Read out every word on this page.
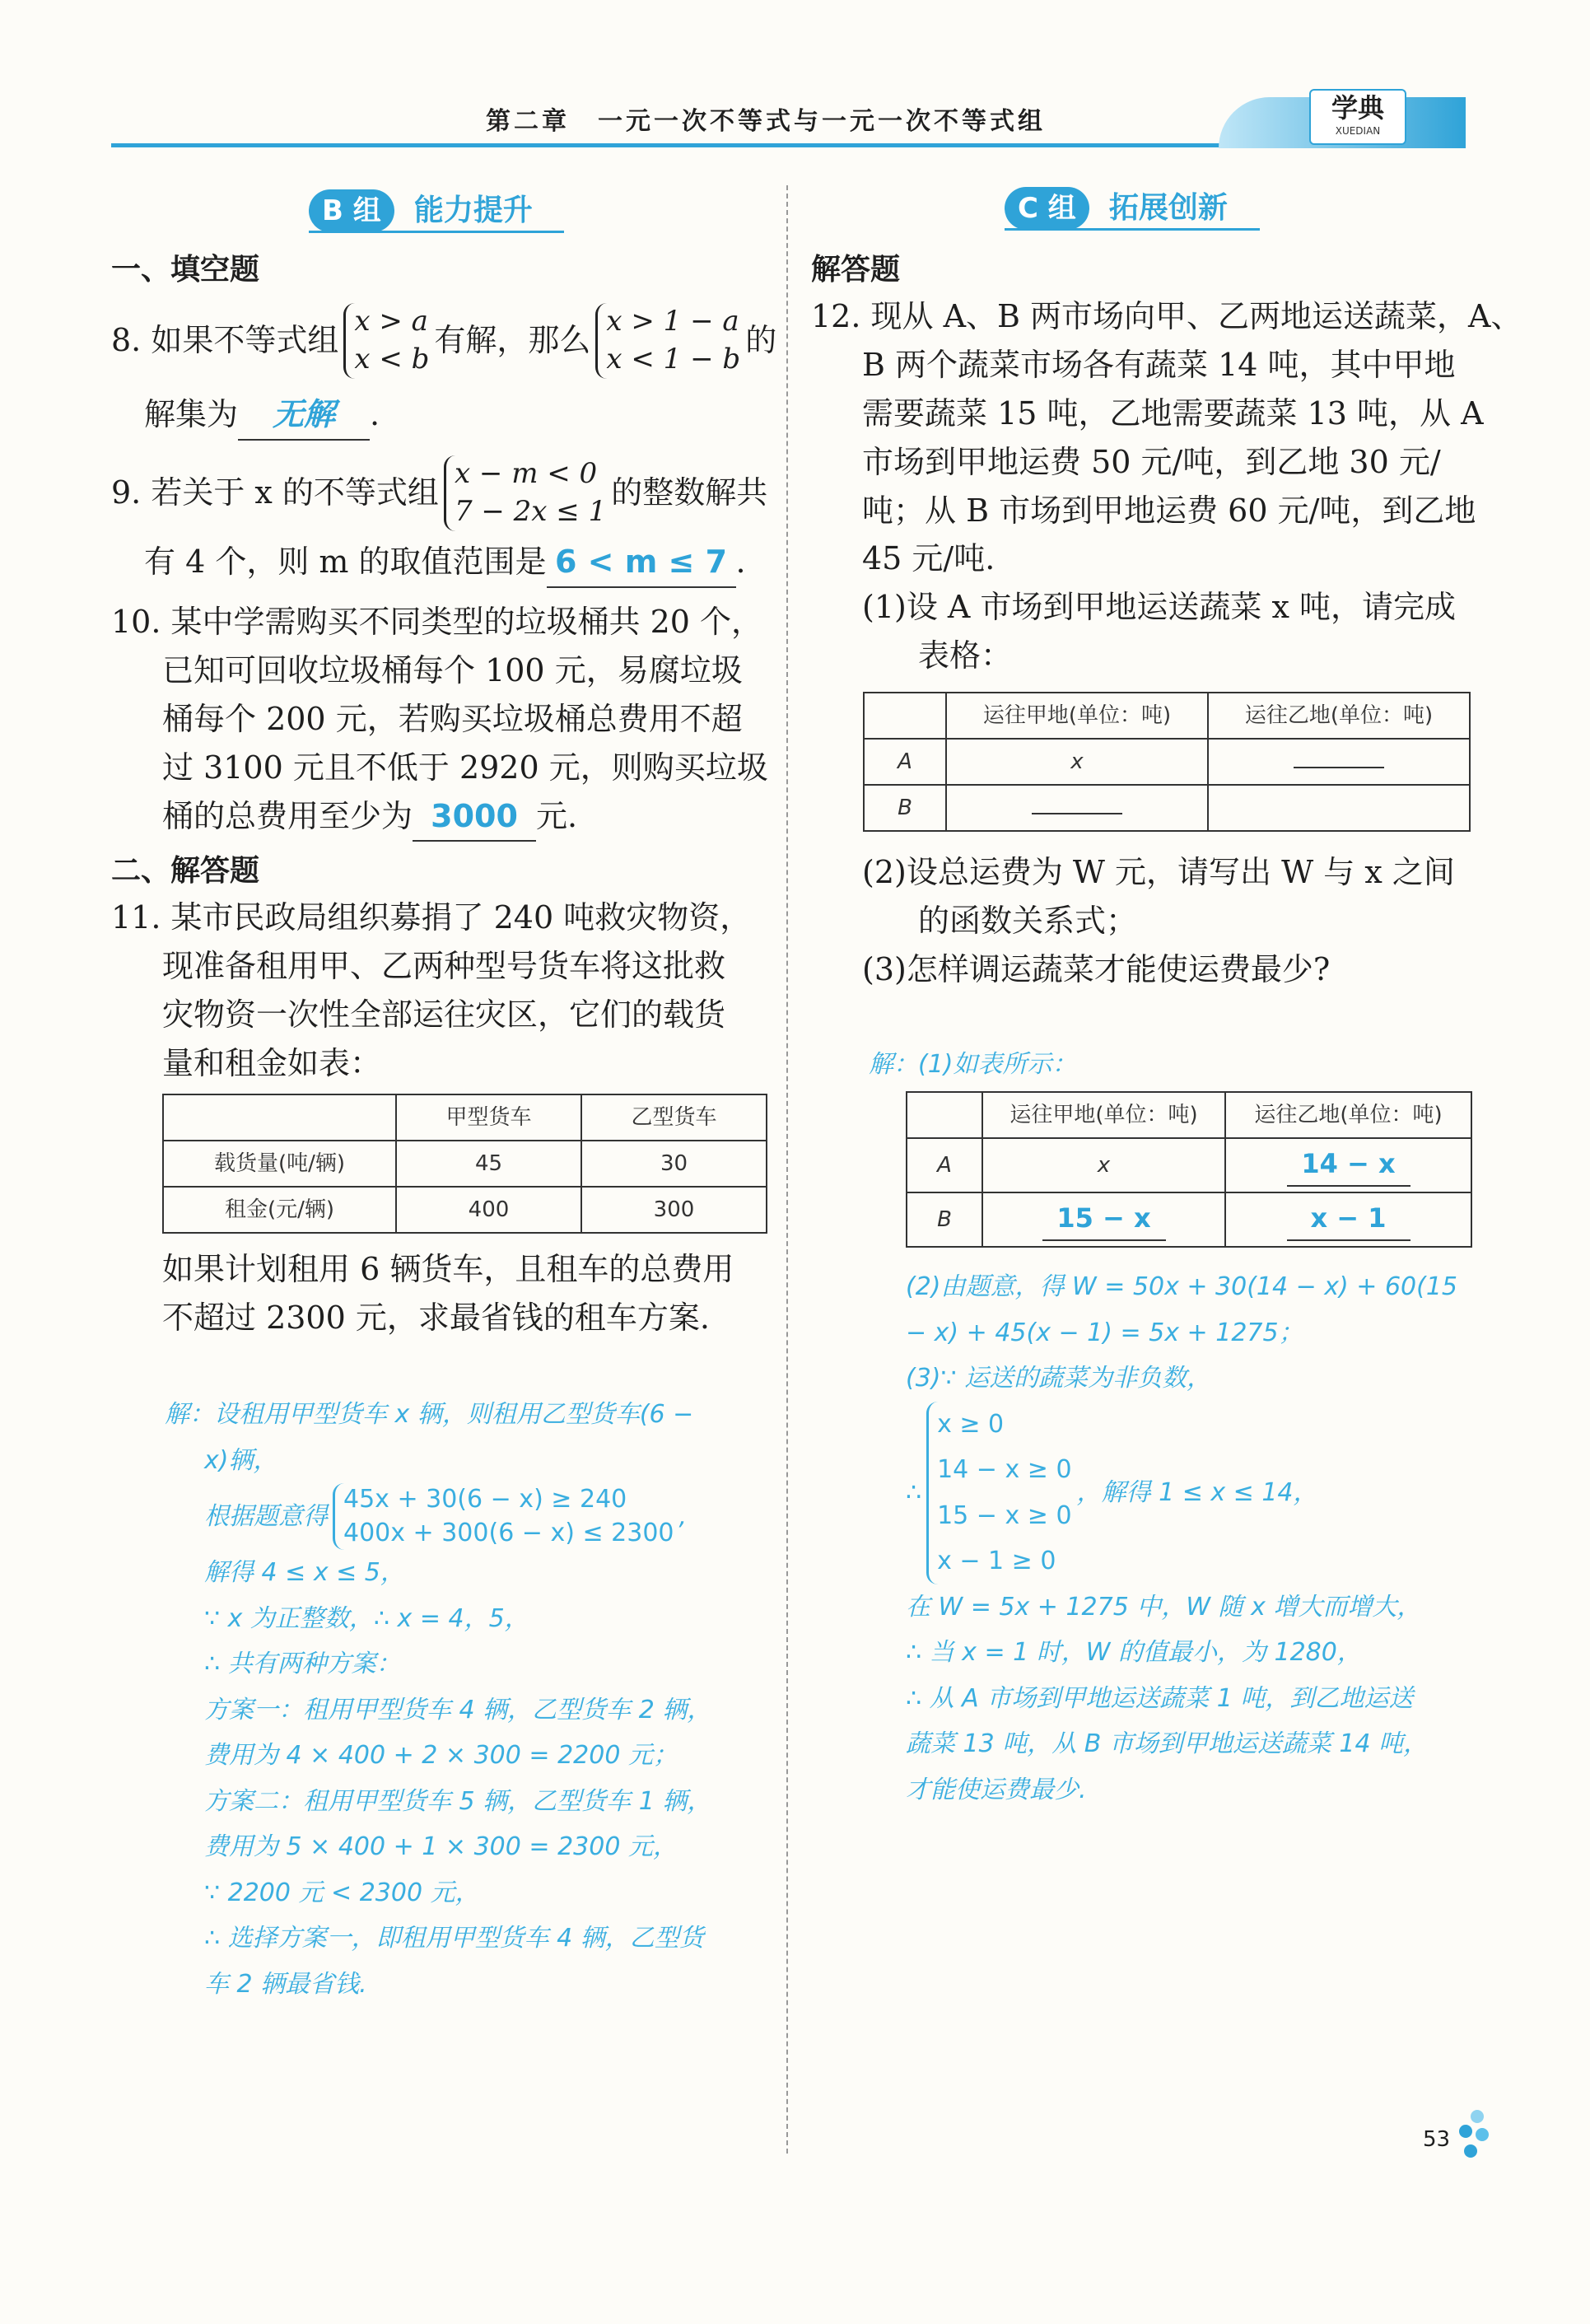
第二章　一元一次不等式与一元一次不等式组	学典
XUEDIAN
B 组 能力提升	C 组 拓展创新
一、填空题
8. 如果不等式组
x > a
x < b
有解，那么
x > 1 − a
x < 1 − b
的
解集为 无解 .
9. 若关于 x 的不等式组
x − m < 0
7 − 2x ≤ 1
的整数解共
有 4 个，则 m 的取值范围是 6 < m ≤ 7 .
10. 某中学需购买不同类型的垃圾桶共 20 个，
已知可回收垃圾桶每个 100 元，易腐垃圾
桶每个 200 元，若购买垃圾桶总费用不超
过 3100 元且不低于 2920 元，则购买垃圾
桶的总费用至少为 3000 元.
二、解答题
11. 某市民政局组织募捐了 240 吨救灾物资，
现准备租用甲、乙两种型号货车将这批救
灾物资一次性全部运往灾区，它们的载货
量和租金如表：
	甲型货车	乙型货车
载货量(吨/辆)	45	30
租金(元/辆)	400	300
如果计划租用 6 辆货车，且租车的总费用
不超过 2300 元，求最省钱的租车方案.
解：设租用甲型货车 x 辆，则租用乙型货车(6 −
x)辆，
根据题意得
45x + 30(6 − x) ≥ 240
400x + 300(6 − x) ≤ 2300
,
解得 4 ≤ x ≤ 5，
∵ x 为正整数，∴ x = 4，5，
∴ 共有两种方案：
方案一：租用甲型货车 4 辆，乙型货车 2 辆，
费用为 4 × 400 + 2 × 300 = 2200 元；
方案二：租用甲型货车 5 辆，乙型货车 1 辆，
费用为 5 × 400 + 1 × 300 = 2300 元，
∵ 2200 元 < 2300 元，
∴ 选择方案一，即租用甲型货车 4 辆，乙型货
车 2 辆最省钱.
解答题
12. 现从 A、B 两市场向甲、乙两地运送蔬菜，A、
B 两个蔬菜市场各有蔬菜 14 吨，其中甲地
需要蔬菜 15 吨，乙地需要蔬菜 13 吨，从 A
市场到甲地运费 50 元/吨，到乙地 30 元/
吨；从 B 市场到甲地运费 60 元/吨，到乙地
45 元/吨.
(1)设 A 市场到甲地运送蔬菜 x 吨，请完成
表格：
	运往甲地(单位：吨)	运往乙地(单位：吨)
A	x	
B		
(2)设总运费为 W 元，请写出 W 与 x 之间
的函数关系式；
(3)怎样调运蔬菜才能使运费最少?
解：(1)如表所示：
	运往甲地(单位：吨)	运往乙地(单位：吨)
A	x	14 − x
B	15 − x	x − 1
(2)由题意，得 W = 50x + 30(14 − x) + 60(15
− x) + 45(x − 1) = 5x + 1275；
(3)∵ 运送的蔬菜为非负数，
∴
x ≥ 0
14 − x ≥ 0
15 − x ≥ 0
x − 1 ≥ 0
，解得 1 ≤ x ≤ 14，
在 W = 5x + 1275 中，W 随 x 增大而增大，
∴ 当 x = 1 时，W 的值最小，为 1280，
∴ 从 A 市场到甲地运送蔬菜 1 吨，到乙地运送
蔬菜 13 吨，从 B 市场到甲地运送蔬菜 14 吨，
才能使运费最少.
53
